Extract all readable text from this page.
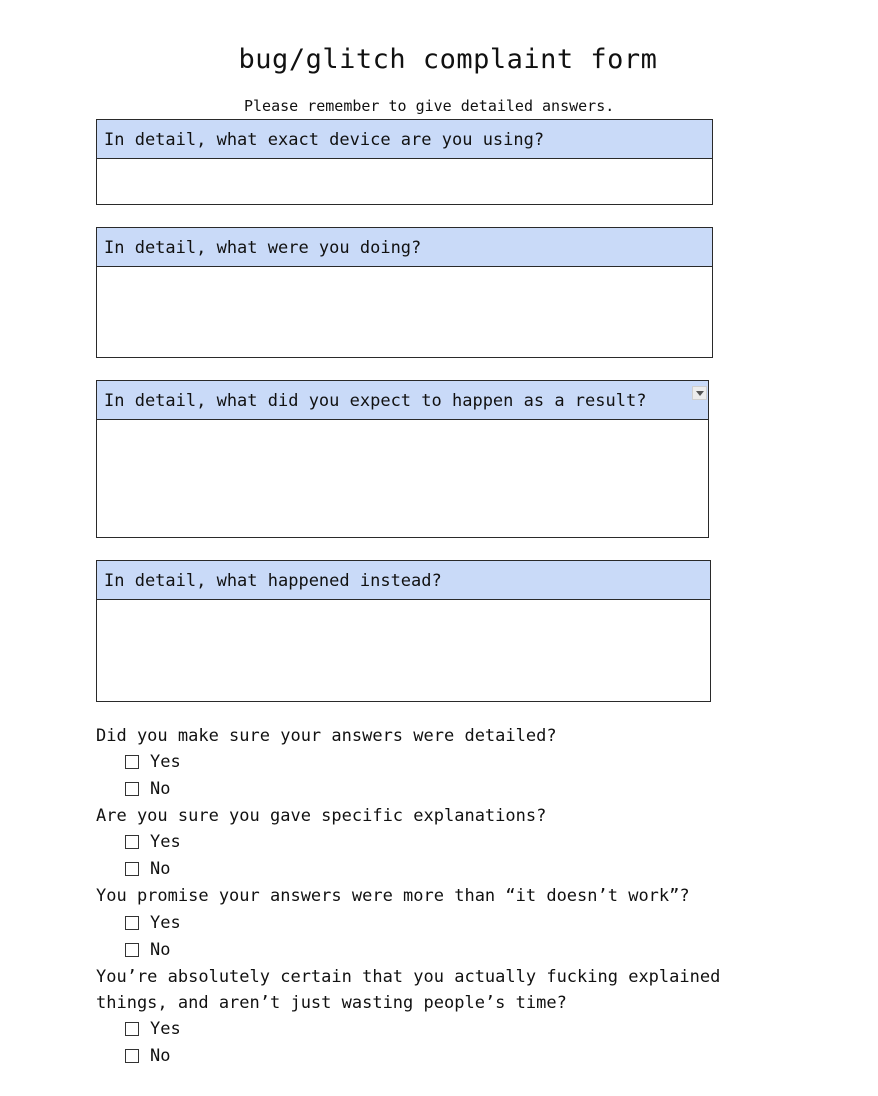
bug/glitch complaint form
Please remember to give detailed answers.
In detail, what exact device are you using?
In detail, what were you doing?
In detail, what did you expect to happen as a result?
In detail, what happened instead?
Did you make sure your answers were detailed?
Yes
No
Are you sure you gave specific explanations?
Yes
No
You promise your answers were more than “it doesn’t work”?
Yes
No
You’re absolutely certain that you actually fucking explained
things, and aren’t just wasting people’s time?
Yes
No
